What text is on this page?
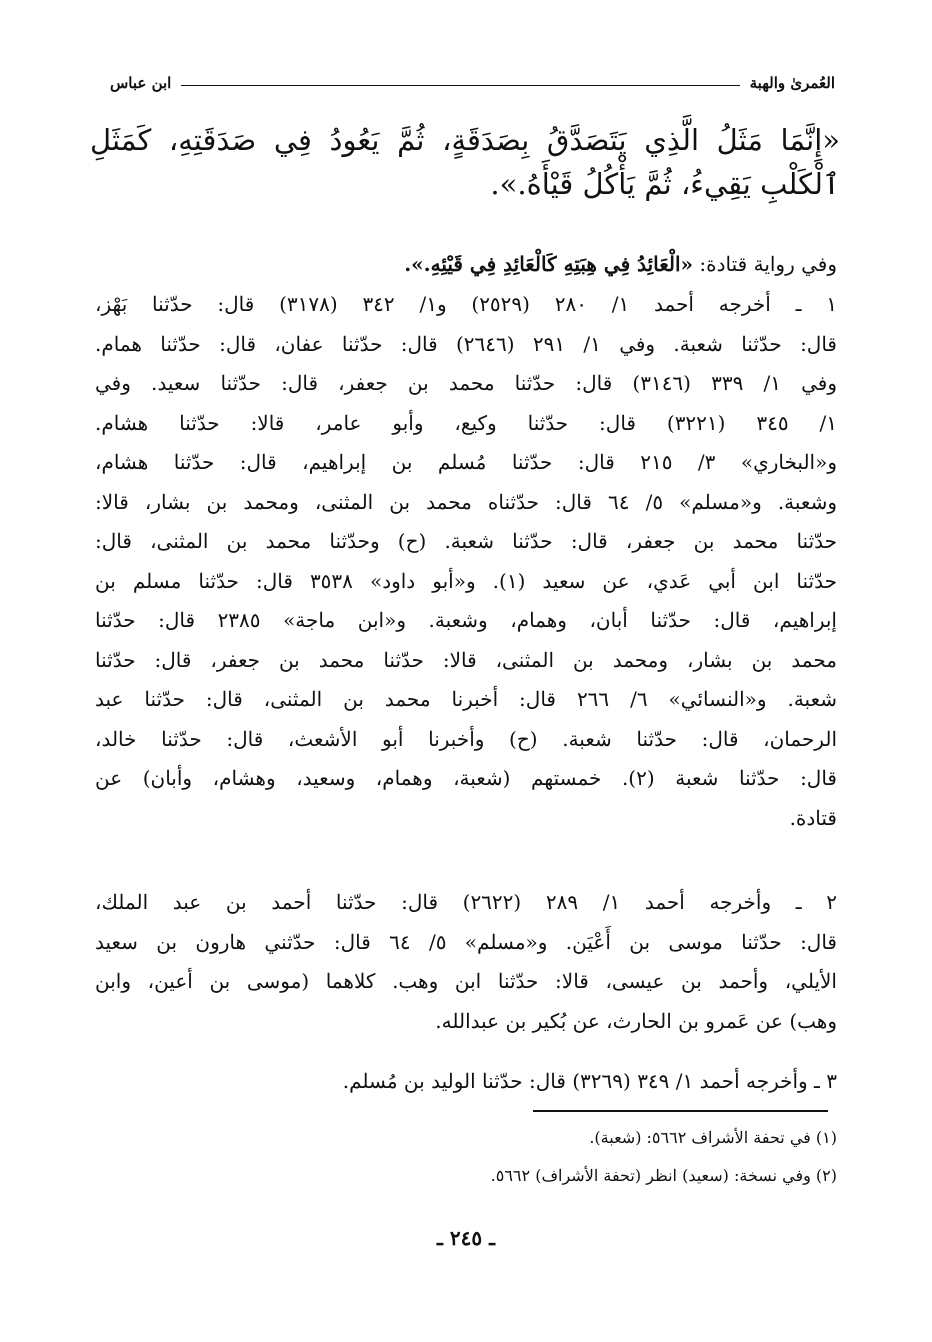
العُمرىٰ والهبة
ابن عباس
«إِنَّمَا مَثَلُ الَّذِي يَتَصَدَّقُ بِصَدَقَةٍ، ثُمَّ يَعُودُ فِي صَدَقَتِهِ، كَمَثَلِ
ٱلْكَلْبِ يَقِيءُ، ثُمَّ يَأْكُلُ قَيْأَهُ.».
وفي رواية قتادة: «الْعَائِدُ فِي هِبَتِهِ كَالْعَائِدِ فِي قَيْئِهِ.».
١ ـ أخرجه أحمد ١/ ٢٨٠ (٢٥٢٩) و١/ ٣٤٢ (٣١٧٨) قال: حدّثنا بَهْز،
قال: حدّثنا شعبة. وفي ١/ ٢٩١ (٢٦٤٦) قال: حدّثنا عفان، قال: حدّثنا همام.
وفي ١/ ٣٣٩ (٣١٤٦) قال: حدّثنا محمد بن جعفر، قال: حدّثنا سعيد. وفي
١/ ٣٤٥ (٣٢٢١) قال: حدّثنا وكيع، وأبو عامر، قالا: حدّثنا هشام.
و«البخاري» ٣/ ٢١٥ قال: حدّثنا مُسلم بن إبراهيم، قال: حدّثنا هشام،
وشعبة. و«مسلم» ٥/ ٦٤ قال: حدّثناه محمد بن المثنى، ومحمد بن بشار، قالا:
حدّثنا محمد بن جعفر، قال: حدّثنا شعبة. (ح) وحدّثنا محمد بن المثنى، قال:
حدّثنا ابن أبي عَدي، عن سعيد (١). و«أبو داود» ٣٥٣٨ قال: حدّثنا مسلم بن
إبراهيم، قال: حدّثنا أبان، وهمام، وشعبة. و«ابن ماجة» ٢٣٨٥ قال: حدّثنا
محمد بن بشار، ومحمد بن المثنى، قالا: حدّثنا محمد بن جعفر، قال: حدّثنا
شعبة. و«النسائي» ٦/ ٢٦٦ قال: أخبرنا محمد بن المثنى، قال: حدّثنا عبد
الرحمان، قال: حدّثنا شعبة. (ح) وأخبرنا أبو الأشعث، قال: حدّثنا خالد،
قال: حدّثنا شعبة (٢). خمستهم (شعبة، وهمام، وسعيد، وهشام، وأبان) عن
قتادة.
٢ ـ وأخرجه أحمد ١/ ٢٨٩ (٢٦٢٢) قال: حدّثنا أحمد بن عبد الملك،
قال: حدّثنا موسى بن أَعْيَن. و«مسلم» ٥/ ٦٤ قال: حدّثني هارون بن سعيد
الأيلي، وأحمد بن عيسى، قالا: حدّثنا ابن وهب. كلاهما (موسى بن أعين، وابن
وهب) عن عَمرو بن الحارث، عن بُكير بن عبدالله.
٣ ـ وأخرجه أحمد ١/ ٣٤٩ (٣٢٦٩) قال: حدّثنا الوليد بن مُسلم.
(١) في تحفة الأشراف ٥٦٦٢: (شعبة).
(٢) وفي نسخة: (سعيد) انظر (تحفة الأشراف) ٥٦٦٢.
ـ ٢٤٥ ـ
